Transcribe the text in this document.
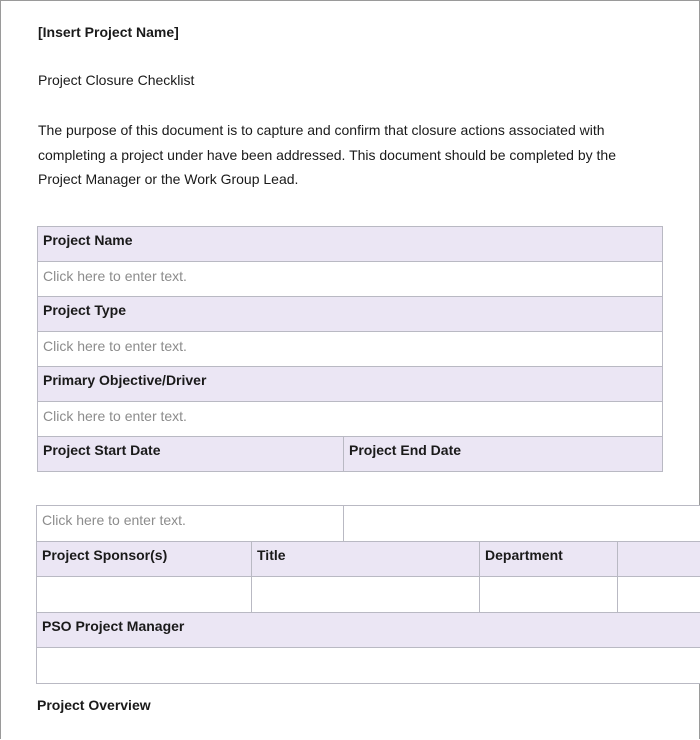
[Insert Project Name]
Project Closure Checklist
The purpose of this document is to capture and confirm that closure actions associated with completing a project under have been addressed. This document should be completed by the Project Manager or the Work Group Lead.
Project Name
Click here to enter text.
Project Type
Click here to enter text.
Primary Objective/Driver
Click here to enter text.
Project Start Date	Project End Date
Click here to enter text.				
Project Sponsor(s)	Title		Department	

PSO Project Manager				

Project Overview
